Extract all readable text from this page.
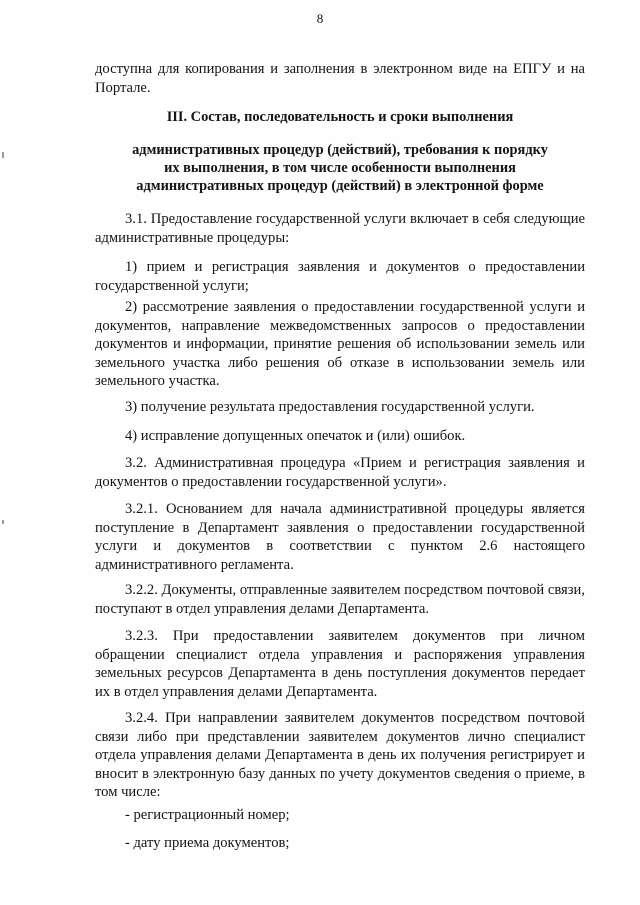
8

доступна для копирования и заполнения в электронном виде на ЕПГУ и на Портале.

III. Состав, последовательность и сроки выполнения
административных процедур (действий), требования к порядку
их выполнения, в том числе особенности выполнения
административных процедур (действий) в электронной форме

3.1. Предоставление государственной услуги включает в себя следующие административные процедуры:

1) прием и регистрация заявления и документов о предоставлении государственной услуги;

2) рассмотрение заявления о предоставлении государственной услуги и документов, направление межведомственных запросов о предоставлении документов и информации, принятие решения об использовании земель или земельного участка либо решения об отказе в использовании земель или земельного участка.

3) получение результата предоставления государственной услуги.

4) исправление допущенных опечаток и (или) ошибок.

3.2. Административная процедура «Прием и регистрация заявления и документов о предоставлении государственной услуги».

3.2.1. Основанием для начала административной процедуры является поступление в Департамент заявления о предоставлении государственной услуги и документов в соответствии с пунктом 2.6 настоящего административного регламента.

3.2.2. Документы, отправленные заявителем посредством почтовой связи, поступают в отдел управления делами Департамента.

3.2.3. При предоставлении заявителем документов при личном обращении специалист отдела управления и распоряжения управления земельных ресурсов Департамента в день поступления документов передает их в отдел управления делами Департамента.

3.2.4. При направлении заявителем документов посредством почтовой связи либо при представлении заявителем документов лично специалист отдела управления делами Департамента в день их получения регистрирует и вносит в электронную базу данных по учету документов сведения о приеме, в том числе:

- регистрационный номер;

- дату приема документов;
